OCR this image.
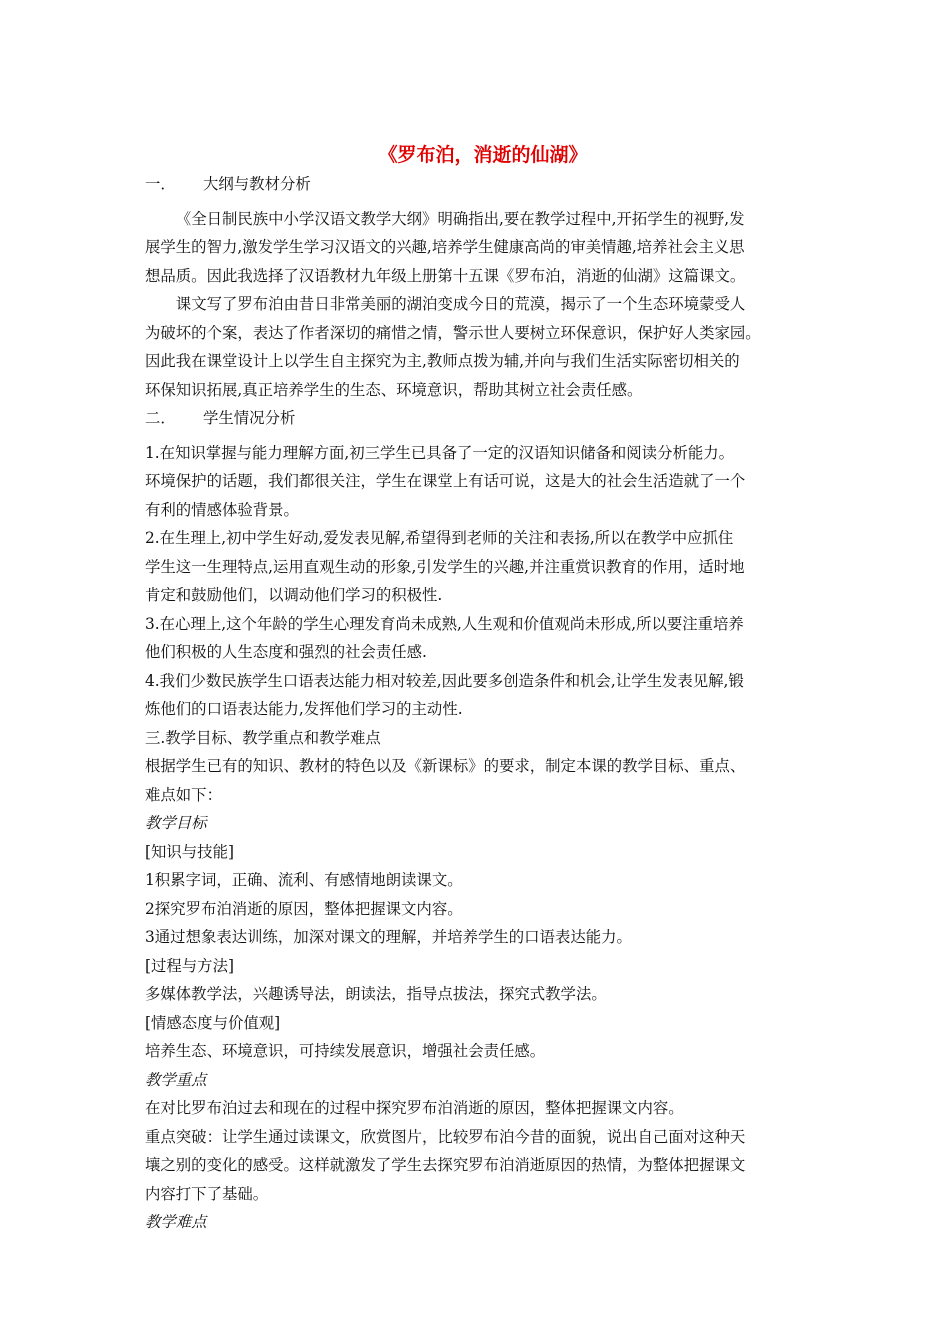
《罗布泊，消逝的仙湖》
一．	大纲与教材分析
《全日制民族中小学汉语文教学大纲》明确指出,要在教学过程中,开拓学生的视野,发
展学生的智力,激发学生学习汉语文的兴趣,培养学生健康高尚的审美情趣,培养社会主义思
想品质。因此我选择了汉语教材九年级上册第十五课《罗布泊，消逝的仙湖》这篇课文。
课文写了罗布泊由昔日非常美丽的湖泊变成今日的荒漠，揭示了一个生态环境蒙受人
为破坏的个案，表达了作者深切的痛惜之情，警示世人要树立环保意识，保护好人类家园。
因此我在课堂设计上以学生自主探究为主,教师点拨为辅,并向与我们生活实际密切相关的
环保知识拓展,真正培养学生的生态、环境意识，帮助其树立社会责任感。
二．	学生情况分析
1.在知识掌握与能力理解方面,初三学生已具备了一定的汉语知识储备和阅读分析能力。
环境保护的话题，我们都很关注，学生在课堂上有话可说，这是大的社会生活造就了一个
有利的情感体验背景。
2.在生理上,初中学生好动,爱发表见解,希望得到老师的关注和表扬,所以在教学中应抓住
学生这一生理特点,运用直观生动的形象,引发学生的兴趣,并注重赏识教育的作用，适时地
肯定和鼓励他们，以调动他们学习的积极性.
3.在心理上,这个年龄的学生心理发育尚未成熟,人生观和价值观尚未形成,所以要注重培养
他们积极的人生态度和强烈的社会责任感.
4.我们少数民族学生口语表达能力相对较差,因此要多创造条件和机会,让学生发表见解,锻
炼他们的口语表达能力,发挥他们学习的主动性.
三.教学目标、教学重点和教学难点
根据学生已有的知识、教材的特色以及《新课标》的要求，制定本课的教学目标、重点、
难点如下：
教学目标
[知识与技能]
1积累字词，正确、流利、有感情地朗读课文。
2探究罗布泊消逝的原因，整体把握课文内容。
3通过想象表达训练，加深对课文的理解，并培养学生的口语表达能力。
[过程与方法]
多媒体教学法，兴趣诱导法，朗读法，指导点拔法，探究式教学法。
[情感态度与价值观]
培养生态、环境意识，可持续发展意识，增强社会责任感。
教学重点
在对比罗布泊过去和现在的过程中探究罗布泊消逝的原因，整体把握课文内容。
重点突破：让学生通过读课文，欣赏图片，比较罗布泊今昔的面貌，说出自己面对这种天
壤之别的变化的感受。这样就激发了学生去探究罗布泊消逝原因的热情，为整体把握课文
内容打下了基础。
教学难点
